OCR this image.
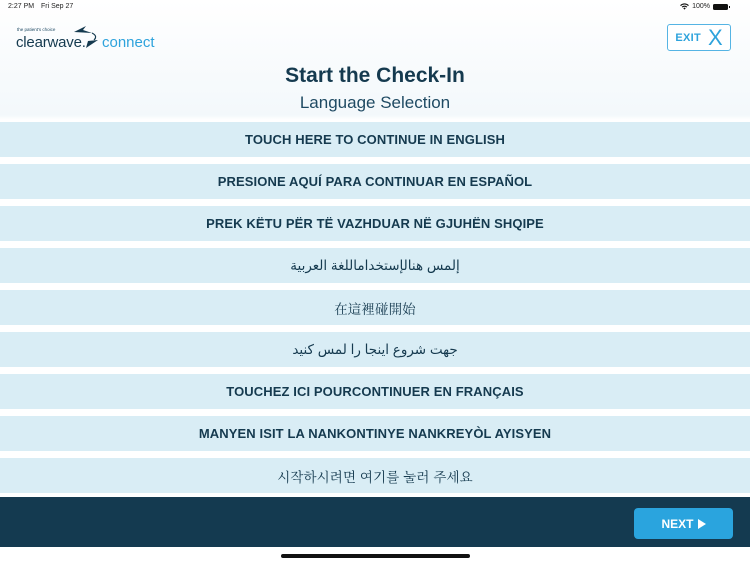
2:27 PM Fri Sep 27	100%
the patient's choice
clearwave. connect	EXIT X
Start the Check-In
Language Selection
TOUCH HERE TO CONTINUE IN ENGLISH
PRESIONE AQUÍ PARA CONTINUAR EN ESPAÑOL
PREK KËTU PËR TË VAZHDUAR NË GJUHËN SHQIPE
إلمس هنالإستخداماللغة العربية
在這裡碰開始
جهت شروع اینجا را لمس کنید
TOUCHEZ ICI POURCONTINUER EN FRANÇAIS
MANYEN ISIT LA NANKONTINYE NANKREYÒL AYISYEN
시작하시려면 여기를 눌러 주세요
NEXT
